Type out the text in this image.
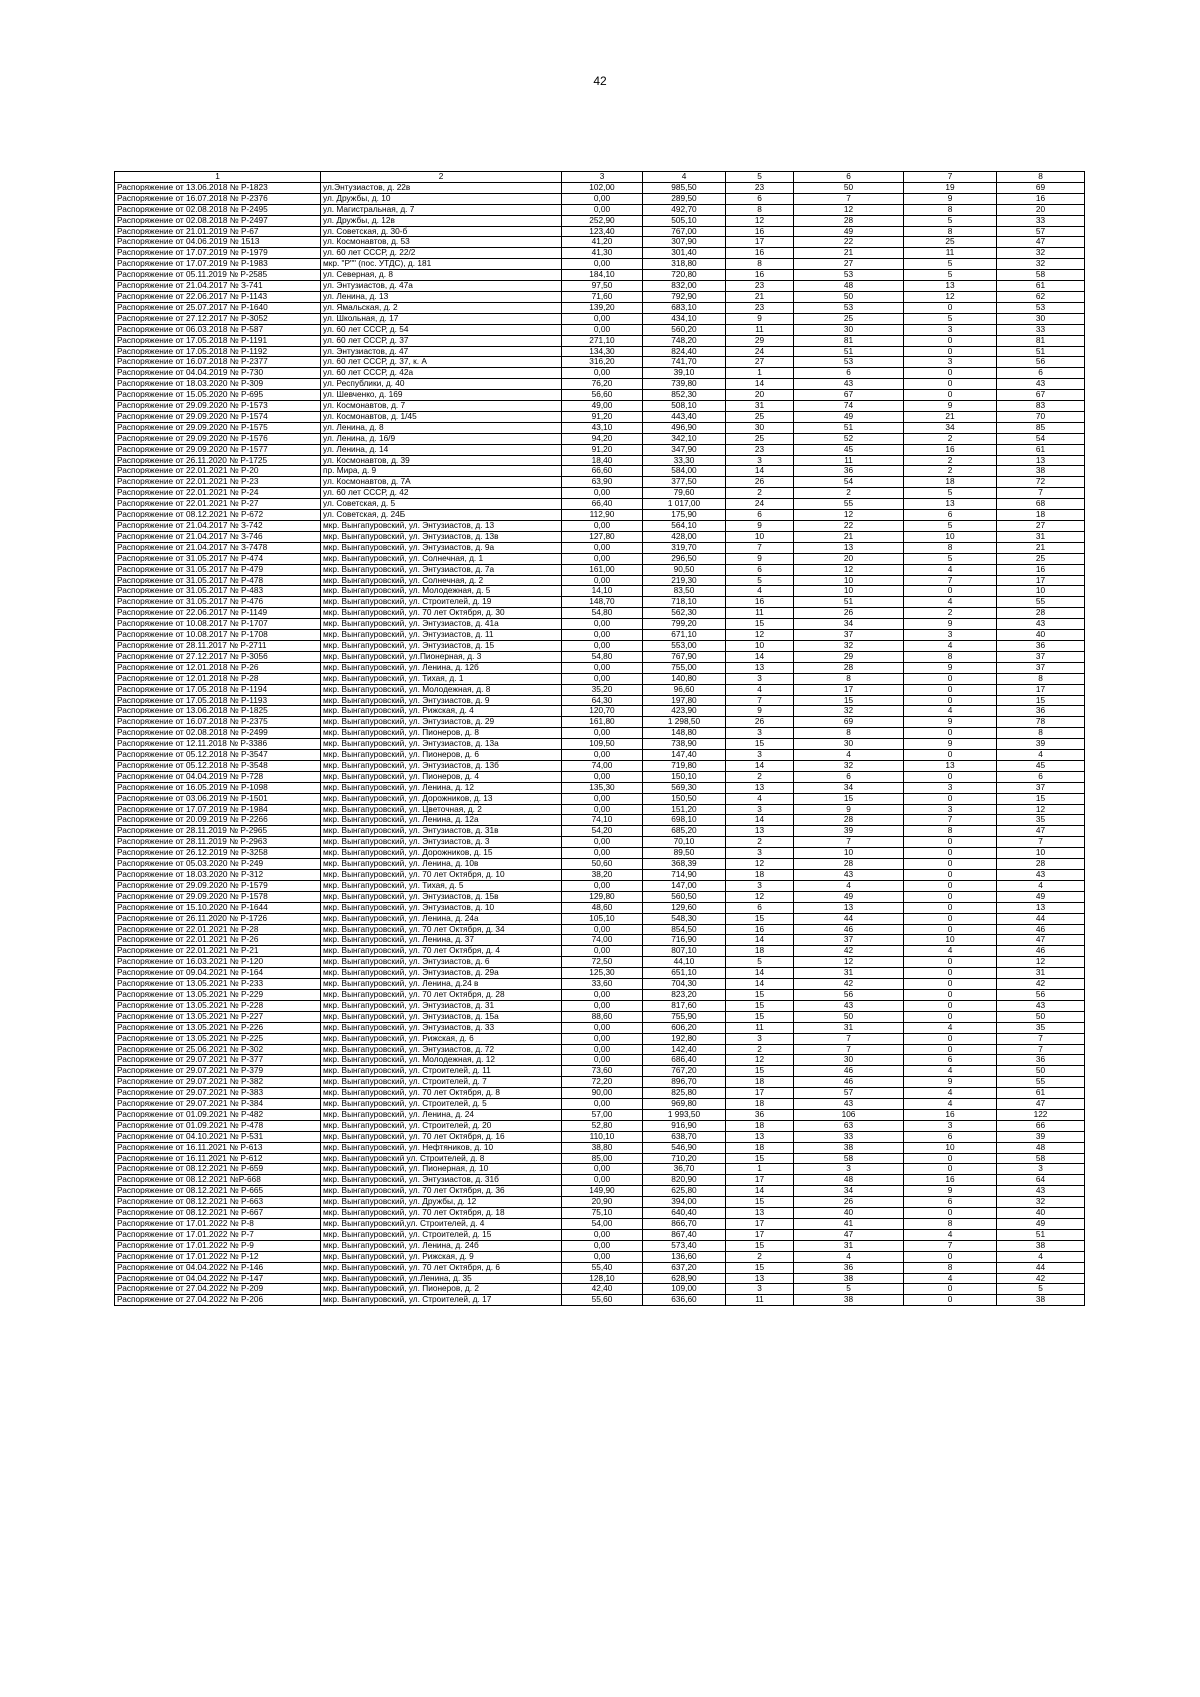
42
1	2	3	4	5	6	7	8
Распоряжение от 13.06.2018 № Р-1823	ул.Энтузиастов, д. 22в	102,00	985,50	23	50	19	69
Распоряжение от 16.07.2018 № Р-2376	ул. Дружбы, д. 10	0,00	289,50	6	7	9	16
Распоряжение от 02.08.2018 № Р-2495	ул. Магистральная, д. 7	0,00	492,70	8	12	8	20
Распоряжение от 02.08.2018 № Р-2497	ул. Дружбы, д. 12в	252,90	505,10	12	28	5	33
Распоряжение от 21.01.2019 № Р-67	ул. Советская, д. 30-б	123,40	767,00	16	49	8	57
Распоряжение от 04.06.2019 № 1513	ул. Космонавтов, д. 53	41,20	307,90	17	22	25	47
Распоряжение от 17.07.2019 № Р-1979	ул. 60 лет СССР, д. 22/2	41,30	301,40	16	21	11	32
Распоряжение от 17.07.2019 № Р-1983	мкр. "Р"" (пос. УТДС), д. 181	0,00	318,80	8	27	5	32
Распоряжение от 05.11.2019 № Р-2585	ул. Северная, д. 8	184,10	720,80	16	53	5	58
Распоряжение от 21.04.2017 № З-741	ул. Энтузиастов, д. 47а	97,50	832,00	23	48	13	61
Распоряжение от 22.06.2017 № Р-1143	ул. Ленина, д. 13	71,60	792,90	21	50	12	62
Распоряжение от 25.07.2017 № Р-1640	ул. Ямальская, д. 2	139,20	683,10	23	53	0	53
Распоряжение от 27.12.2017 № Р-3052	ул. Школьная, д. 17	0,00	434,10	9	25	5	30
Распоряжение от 06.03.2018 № Р-587	ул. 60 лет СССР, д. 54	0,00	560,20	11	30	3	33
Распоряжение от 17.05.2018 № Р-1191	ул. 60 лет СССР, д. 37	271,10	748,20	29	81	0	81
Распоряжение от 17.05.2018 № Р-1192	ул. Энтузиастов, д. 47	134,30	824,40	24	51	0	51
Распоряжение от 16.07.2018 № Р-2377	ул. 60 лет СССР, д. 37, к. А	316,20	741,70	27	53	3	56
Распоряжение от 04.04.2019 № Р-730	ул. 60 лет СССР, д. 42а	0,00	39,10	1	6	0	6
Распоряжение от 18.03.2020 № Р-309	ул. Республики, д. 40	76,20	739,80	14	43	0	43
Распоряжение от 15.05.2020 № Р-695	ул. Шевченко, д. 169	56,60	852,30	20	67	0	67
Распоряжение от 29.09.2020 № Р-1573	ул. Космонавтов, д. 7	49,00	508,10	31	74	9	83
Распоряжение от 29.09.2020 № Р-1574	ул. Космонавтов, д. 1/45	91,20	443,40	25	49	21	70
Распоряжение от 29.09.2020 № Р-1575	ул. Ленина, д. 8	43,10	496,90	30	51	34	85
Распоряжение от 29.09.2020 № Р-1576	ул. Ленина, д. 16/9	94,20	342,10	25	52	2	54
Распоряжение от 29.09.2020 № Р-1577	ул. Ленина, д. 14	91,20	347,90	23	45	16	61
Распоряжение от 26.11.2020 № Р-1725	ул. Космонавтов, д. 39	18,40	33,30	3	11	2	13
Распоряжение от 22.01.2021 № Р-20	пр. Мира, д. 9	66,60	584,00	14	36	2	38
Распоряжение от 22.01.2021 № Р-23	ул. Космонавтов, д. 7А	63,90	377,50	26	54	18	72
Распоряжение от 22.01.2021 № Р-24	ул. 60 лет СССР, д. 42	0,00	79,60	2	2	5	7
Распоряжение от 22.01.2021 № Р-27	ул. Советская, д. 5	66,40	1 017,00	24	55	13	68
Распоряжение от 08.12.2021 № Р-672	ул. Советская, д. 24Б	112,90	175,90	6	12	6	18
Распоряжение от 21.04.2017 № З-742	мкр. Вынгапуровский, ул. Энтузиастов, д. 13	0,00	564,10	9	22	5	27
Распоряжение от 21.04.2017 № З-746	мкр. Вынгапуровский, ул. Энтузиастов, д. 13в	127,80	428,00	10	21	10	31
Распоряжение от 21.04.2017 № З-7478	мкр. Вынгапуровский, ул. Энтузиастов, д. 9а	0,00	319,70	7	13	8	21
Распоряжение от 31.05.2017 № Р-474	мкр. Вынгапуровский, ул. Солнечная, д. 1	0,00	296,50	9	20	5	25
Распоряжение от 31.05.2017 № Р-479	мкр. Вынгапуровский, ул. Энтузиастов, д. 7а	161,00	90,50	6	12	4	16
Распоряжение от 31.05.2017 № Р-478	мкр. Вынгапуровский, ул. Солнечная, д. 2	0,00	219,30	5	10	7	17
Распоряжение от 31.05.2017 № Р-483	мкр. Вынгапуровский, ул. Молодежная, д. 5	14,10	83,50	4	10	0	10
Распоряжение от 31.05.2017 № Р-476	мкр. Вынгапуровский, ул. Строителей, д. 19	148,70	718,10	16	51	4	55
Распоряжение от 22.06.2017 № Р-1149	мкр. Вынгапуровский, ул. 70 лет Октября, д. 30	54,80	562,30	11	26	2	28
Распоряжение от 10.08.2017 № Р-1707	мкр. Вынгапуровский, ул. Энтузиастов, д. 41а	0,00	799,20	15	34	9	43
Распоряжение от 10.08.2017 № Р-1708	мкр. Вынгапуровский, ул. Энтузиастов, д. 11	0,00	671,10	12	37	3	40
Распоряжение от 28.11.2017 № Р-2711	мкр. Вынгапуровский, ул. Энтузиастов, д. 15	0,00	553,00	10	32	4	36
Распоряжение от 27.12.2017 № Р-3056	мкр. Вынгапуровский, ул.Пионерная, д. 3	54,80	767,90	14	29	8	37
Распоряжение от 12.01.2018 № Р-26	мкр. Вынгапуровский, ул. Ленина, д. 12б	0,00	755,00	13	28	9	37
Распоряжение от 12.01.2018 № Р-28	мкр. Вынгапуровский, ул. Тихая, д. 1	0,00	140,80	3	8	0	8
Распоряжение от 17.05.2018 № Р-1194	мкр. Вынгапуровский, ул. Молодежная, д. 8	35,20	96,60	4	17	0	17
Распоряжение от 17.05.2018 № Р-1193	мкр. Вынгапуровский, ул. Энтузиастов, д. 9	64,30	197,80	7	15	0	15
Распоряжение от 13.06.2018 № Р-1825	мкр. Вынгапуровский, ул. Рижская, д. 4	120,70	423,90	9	32	4	36
Распоряжение от 16.07.2018 № Р-2375	мкр. Вынгапуровский, ул. Энтузиастов, д. 29	161,80	1 298,50	26	69	9	78
Распоряжение от 02.08.2018 № Р-2499	мкр. Вынгапуровский, ул. Пионеров, д. 8	0,00	148,80	3	8	0	8
Распоряжение от 12.11.2018 № Р-3386	мкр. Вынгапуровский, ул. Энтузиастов, д. 13а	109,50	738,90	15	30	9	39
Распоряжение от 05.12.2018 № Р-3547	мкр. Вынгапуровский, ул. Пионеров, д. 6	0,00	147,40	3	4	0	4
Распоряжение от 05.12.2018 № Р-3548	мкр. Вынгапуровский, ул. Энтузиастов, д. 13б	74,00	719,80	14	32	13	45
Распоряжение от 04.04.2019 № Р-728	мкр. Вынгапуровский, ул. Пионеров, д. 4	0,00	150,10	2	6	0	6
Распоряжение от 16.05.2019 № Р-1098	мкр. Вынгапуровский, ул. Ленина, д. 12	135,30	569,30	13	34	3	37
Распоряжение от 03.06.2019 № Р-1501	мкр. Вынгапуровский, ул. Дорожников, д. 13	0,00	150,50	4	15	0	15
Распоряжение от 17.07.2019 № Р-1984	мкр. Вынгапуровский, ул. Цветочная, д. 2	0,00	151,20	3	9	3	12
Распоряжение от 20.09.2019 № Р-2266	мкр. Вынгапуровский, ул. Ленина, д. 12а	74,10	698,10	14	28	7	35
Распоряжение от 28.11.2019 № Р-2965	мкр. Вынгапуровский, ул. Энтузиастов, д. 31в	54,20	685,20	13	39	8	47
Распоряжение от 28.11.2019 № Р-2963	мкр. Вынгапуровский, ул. Энтузиастов, д. 3	0,00	70,10	2	7	0	7
Распоряжение от 26.12.2019 № Р-3258	мкр. Вынгапуровский, ул. Дорожников, д. 15	0,00	89,50	3	10	0	10
Распоряжение от 05.03.2020 № Р-249	мкр. Вынгапуровский, ул. Ленина, д. 10в	50,60	368,39	12	28	0	28
Распоряжение от 18.03.2020 № Р-312	мкр. Вынгапуровский, ул. 70 лет Октября, д. 10	38,20	714,90	18	43	0	43
Распоряжение от 29.09.2020 № Р-1579	мкр. Вынгапуровский, ул. Тихая, д. 5	0,00	147,00	3	4	0	4
Распоряжение от 29.09.2020 № Р-1578	мкр. Вынгапуровский, ул. Энтузиастов, д. 15в	129,80	560,50	12	49	0	49
Распоряжение от 15.10.2020 № Р-1644	мкр. Вынгапуровский, ул. Энтузиастов, д. 10	48,60	129,60	6	13	0	13
Распоряжение от 26.11.2020 № Р-1726	мкр. Вынгапуровский, ул. Ленина, д. 24а	105,10	548,30	15	44	0	44
Распоряжение от 22.01.2021 № Р-28	мкр. Вынгапуровский, ул. 70 лет Октября, д. 34	0,00	854,50	16	46	0	46
Распоряжение от 22.01.2021 № Р-26	мкр. Вынгапуровский, ул. Ленина, д. 37	74,00	716,90	14	37	10	47
Распоряжение от 22.01.2021 № Р-21	мкр. Вынгапуровский, ул. 70 лет Октября, д. 4	0,00	807,10	18	42	4	46
Распоряжение от 16.03.2021 № Р-120	мкр. Вынгапуровский, ул. Энтузиастов, д. 6	72,50	44,10	5	12	0	12
Распоряжение от 09.04.2021 № Р-164	мкр. Вынгапуровский, ул. Энтузиастов, д. 29а	125,30	651,10	14	31	0	31
Распоряжение от 13.05.2021 № Р-233	мкр. Вынгапуровский, ул. Ленина, д.24 в	33,60	704,30	14	42	0	42
Распоряжение от 13.05.2021 № Р-229	мкр. Вынгапуровский, ул. 70 лет Октября, д. 28	0,00	823,20	15	56	0	56
Распоряжение от 13.05.2021 № Р-228	мкр. Вынгапуровский, ул. Энтузиастов, д. 31	0,00	817,60	15	43	0	43
Распоряжение от 13.05.2021 № Р-227	мкр. Вынгапуровский, ул. Энтузиастов, д. 15а	88,60	755,90	15	50	0	50
Распоряжение от 13.05.2021 № Р-226	мкр. Вынгапуровский, ул. Энтузиастов, д. 33	0,00	606,20	11	31	4	35
Распоряжение от 13.05.2021 № Р-225	мкр. Вынгапуровский, ул. Рижская, д. 6	0,00	192,80	3	7	0	7
Распоряжение от 25.06.2021 № Р-302	мкр. Вынгапуровский, ул. Энтузиастов, д. 72	0,00	142,40	2	7	0	7
Распоряжение от 29.07.2021 № Р-377	мкр. Вынгапуровский, ул. Молодежная, д. 12	0,00	686,40	12	30	6	36
Распоряжение от 29.07.2021 № Р-379	мкр. Вынгапуровский, ул. Строителей, д. 11	73,60	767,20	15	46	4	50
Распоряжение от 29.07.2021 № Р-382	мкр. Вынгапуровский, ул. Строителей, д. 7	72,20	896,70	18	46	9	55
Распоряжение от 29.07.2021 № Р-383	мкр. Вынгапуровский, ул. 70 лет Октября, д. 8	90,00	825,80	17	57	4	61
Распоряжение от 29.07.2021 № Р-384	мкр. Вынгапуровский, ул. Строителей, д. 5	0,00	969,80	18	43	4	47
Распоряжение от 01.09.2021 № Р-482	мкр. Вынгапуровский, ул. Ленина, д. 24	57,00	1 993,50	36	106	16	122
Распоряжение от 01.09.2021 № Р-478	мкр. Вынгапуровский, ул. Строителей, д. 20	52,80	916,90	18	63	3	66
Распоряжение от 04.10.2021 № Р-531	мкр. Вынгапуровский, ул. 70 лет Октября, д. 16	110,10	638,70	13	33	6	39
Распоряжение от 16.11.2021 № Р-613	мкр. Вынгапуровский, ул. Нефтяников, д. 10	38,80	546,90	18	38	10	48
Распоряжение от 16.11.2021 № Р-612	мкр. Вынгапуровский ул. Строителей, д. 8	85,00	710,20	15	58	0	58
Распоряжение от 08.12.2021 № Р-659	мкр. Вынгапуровский, ул. Пионерная, д. 10	0,00	36,70	1	3	0	3
Распоряжение от 08.12.2021 №Р-668	мкр. Вынгапуровский, ул. Энтузиастов, д. 31б	0,00	820,90	17	48	16	64
Распоряжение от 08.12.2021 № Р-665	мкр. Вынгапуровский, ул. 70 лет Октября, д. 36	149,90	625,80	14	34	9	43
Распоряжение от 08.12.2021 № Р-663	мкр. Вынгапуровский, ул. Дружбы, д. 12	20,90	394,00	15	26	6	32
Распоряжение от 08.12.2021 № Р-667	мкр. Вынгапуровский, ул. 70 лет Октября, д. 18	75,10	640,40	13	40	0	40
Распоряжение от 17.01.2022 № Р-8	мкр. Вынгапуровский,ул. Строителей, д. 4	54,00	866,70	17	41	8	49
Распоряжение от 17.01.2022 № Р-7	мкр. Вынгапуровский, ул. Строителей, д. 15	0,00	867,40	17	47	4	51
Распоряжение от 17.01.2022 № Р-9	мкр. Вынгапуровский, ул. Ленина, д. 24б	0,00	573,40	15	31	7	38
Распоряжение от 17.01.2022 № Р-12	мкр. Вынгапуровский, ул. Рижская, д. 9	0,00	136,60	2	4	0	4
Распоряжение от 04.04.2022 № Р-146	мкр. Вынгапуровский, ул. 70 лет Октября, д. 6	55,40	637,20	15	36	8	44
Распоряжение от 04.04.2022 № Р-147	мкр. Вынгапуровский, ул.Ленина, д. 35	128,10	628,90	13	38	4	42
Распоряжение от 27.04.2022 № Р-209	мкр. Вынгапуровский, ул. Пионеров, д. 2	42,40	109,00	3	5	0	5
Распоряжение от 27.04.2022 № Р-206	мкр. Вынгапуровский, ул. Строителей, д. 17	55,60	636,60	11	38	0	38
